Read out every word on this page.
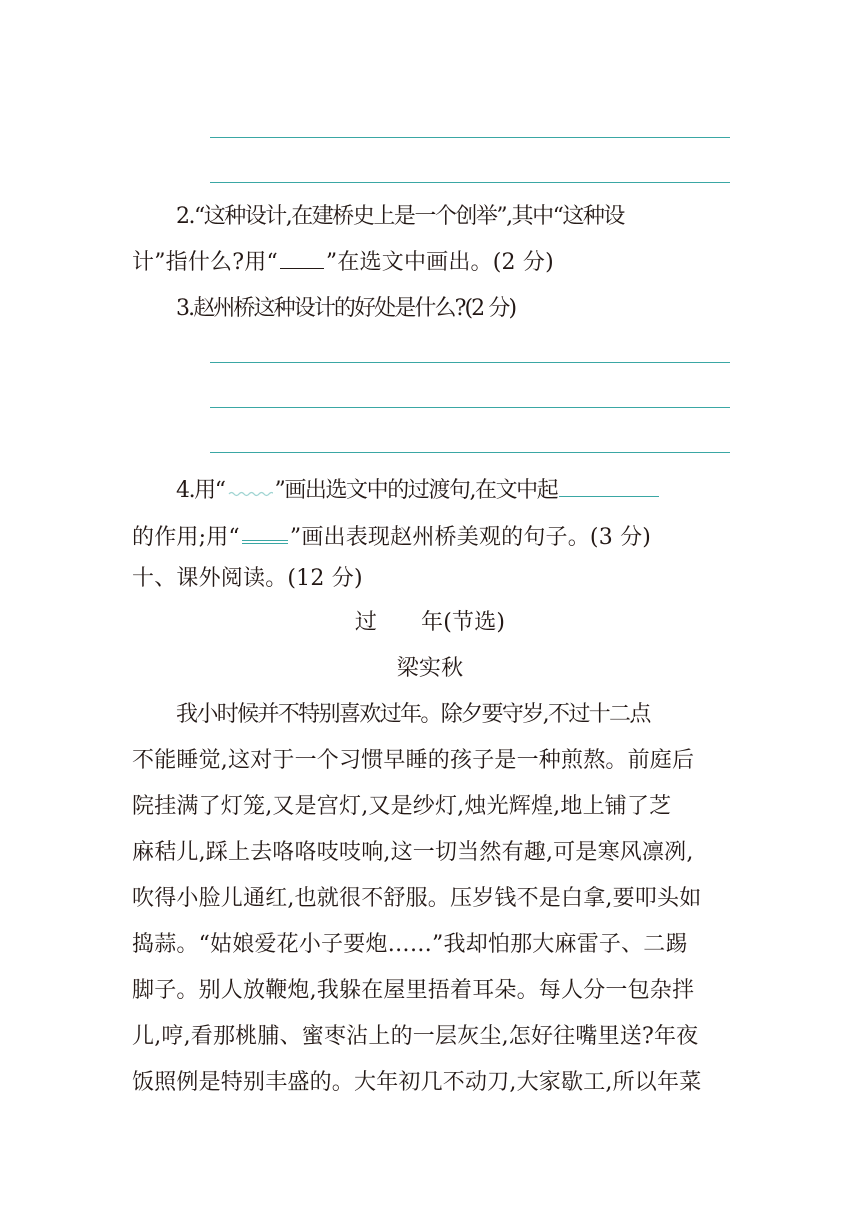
2.“这种设计,在建桥史上是一个创举”,其中“这种设
计”指什么?用“ ”在选文中画出。(2 分)
3.赵州桥这种设计的好处是什么?(2 分)
4.用“ ”画出选文中的过渡句,在文中起
的作用;用“ ”画出表现赵州桥美观的句子。(3 分)
十、课外阅读。(12 分)
过 年(节选)
梁实秋
我小时候并不特别喜欢过年。除夕要守岁,不过十二点
不能睡觉,这对于一个习惯早睡的孩子是一种煎熬。前庭后
院挂满了灯笼,又是宫灯,又是纱灯,烛光辉煌,地上铺了芝
麻秸儿,踩上去咯咯吱吱响,这一切当然有趣,可是寒风凛冽,
吹得小脸儿通红,也就很不舒服。压岁钱不是白拿,要叩头如
捣蒜。“姑娘爱花小子要炮……”我却怕那大麻雷子、二踢
脚子。别人放鞭炮,我躲在屋里捂着耳朵。每人分一包杂拌
儿,哼,看那桃脯、蜜枣沾上的一层灰尘,怎好往嘴里送?年夜
饭照例是特别丰盛的。大年初几不动刀,大家歇工,所以年菜
